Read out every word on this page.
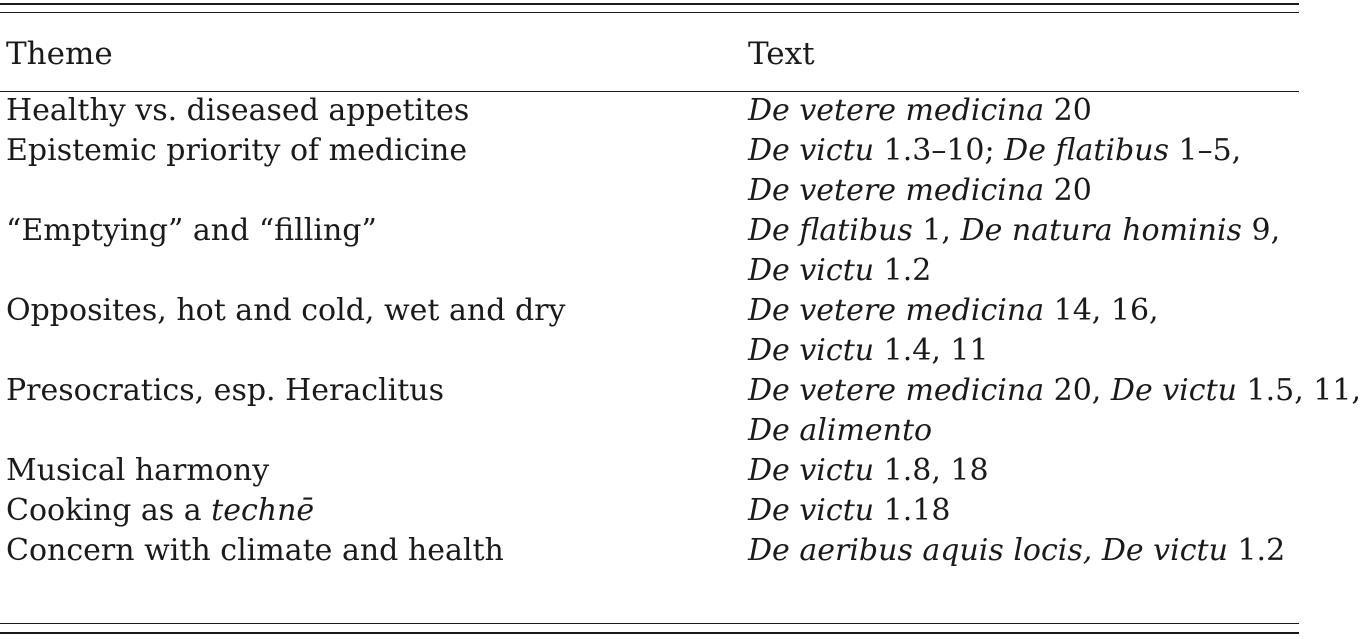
Theme	Text
Healthy vs. diseased appetites	De vetere medicina 20
Epistemic priority of medicine	De victu 1.3–10; De flatibus 1–5,
De vetere medicina 20
“Emptying” and “filling”	De flatibus 1, De natura hominis 9,
De victu 1.2
Opposites, hot and cold, wet and dry	De vetere medicina 14, 16,
De victu 1.4, 11
Presocratics, esp. Heraclitus	De vetere medicina 20, De victu 1.5, 11,
De alimento
Musical harmony	De victu 1.8, 18
Cooking as a technē	De victu 1.18
Concern with climate and health	De aeribus aquis locis, De victu 1.2
